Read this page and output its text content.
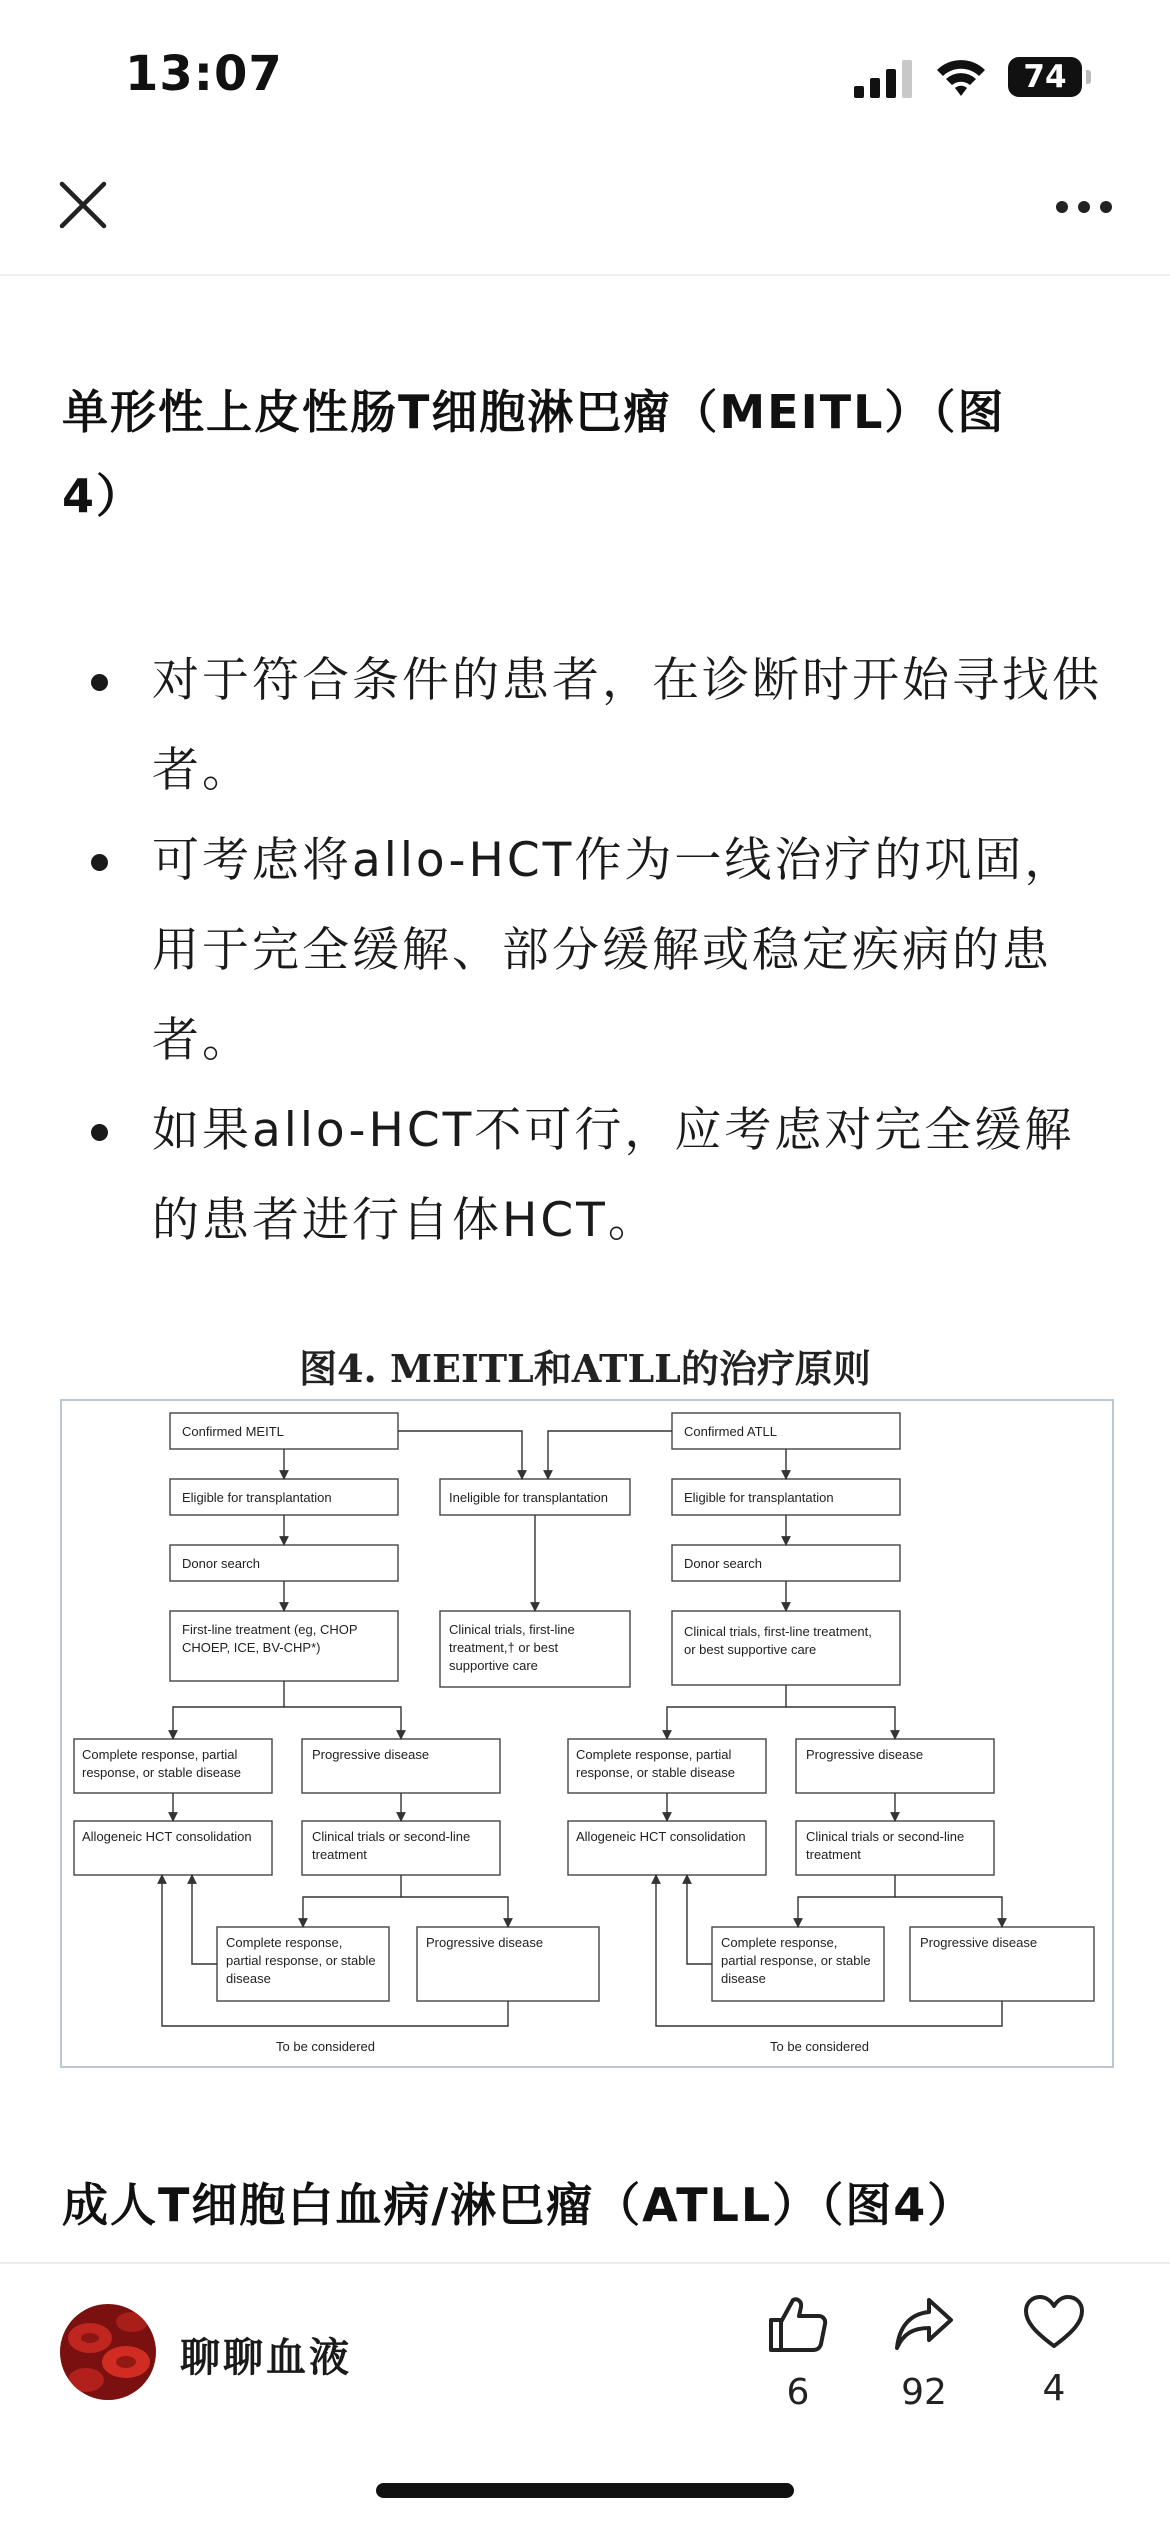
13:07	74
单形性上皮性肠T细胞淋巴瘤（MEITL）（图
4）
对于符合条件的患者，在诊断时开始寻找供者。
可考虑将allo-HCT作为一线治疗的巩固，用于完全缓解、部分缓解或稳定疾病的患者。
如果allo-HCT不可行，应考虑对完全缓解的患者进行自体HCT。
图4. MEITL和ATLL的治疗原则
Confirmed MEITL
Eligible for transplantation
Donor search
First-line treatment (eg, CHOP
CHOEP, ICE, BV-CHP*)
Ineligible for transplantation
Clinical trials, first-line
treatment,† or best
supportive care
Confirmed ATLL
Eligible for transplantation
Donor search
Clinical trials, first-line treatment,
or best supportive care
Complete response, partial
response, or stable disease
Progressive disease
Allogeneic HCT consolidation	Clinical trials or second-line
treatment
Complete response,
partial response, or stable
disease
Progressive disease
To be considered
Complete response, partial
response, or stable disease
Progressive disease
Allogeneic HCT consolidation	Clinical trials or second-line
treatment
Complete response,
partial response, or stable
disease
Progressive disease
To be considered
成人T细胞白血病/淋巴瘤（ATLL）（图4）
聊聊血液
6	92	4
